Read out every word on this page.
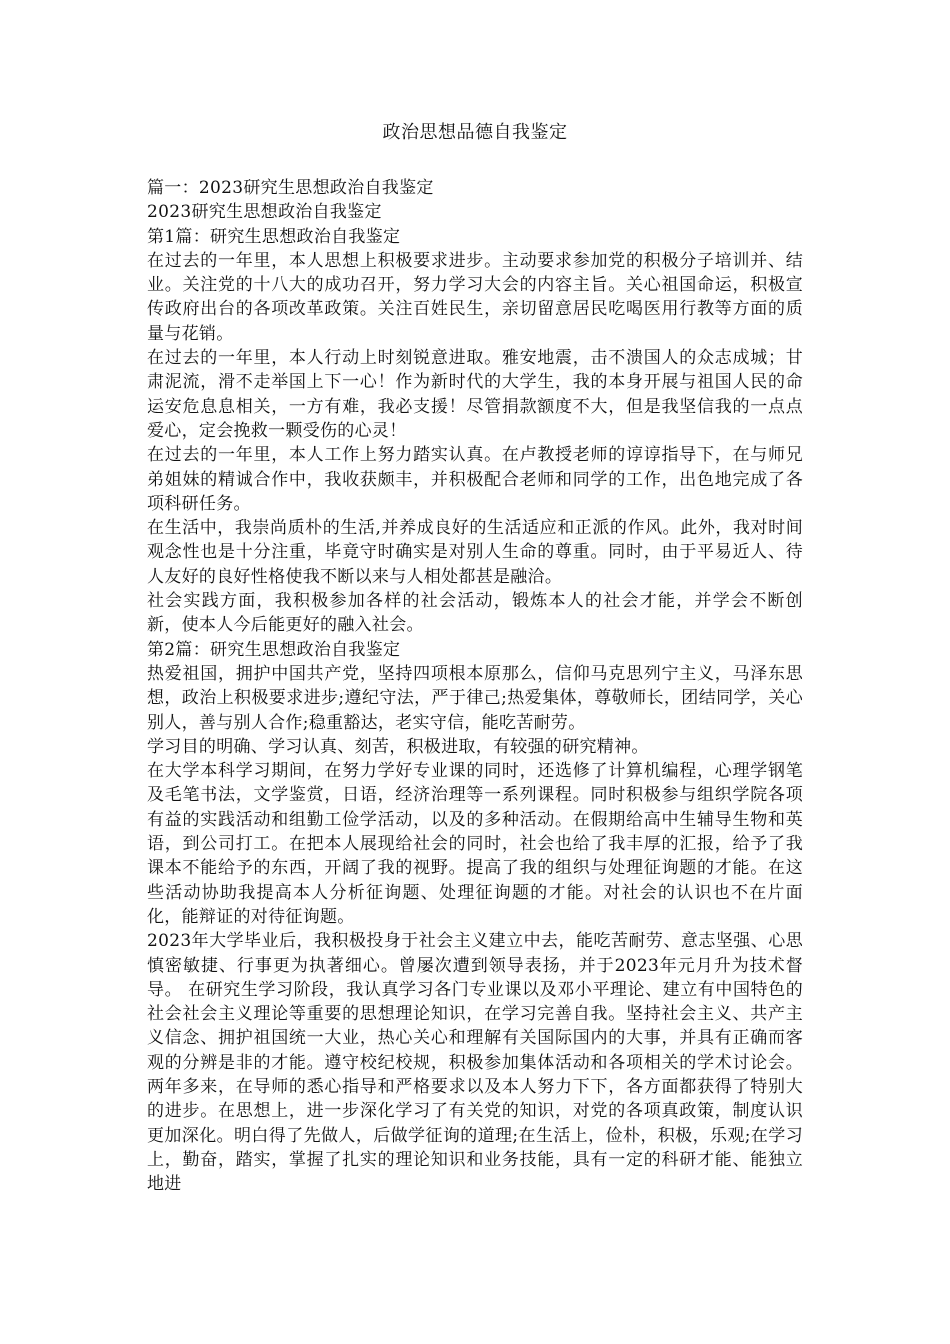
政治思想品德自我鉴定

篇一：2023研究生思想政治自我鉴定

2023研究生思想政治自我鉴定

第1篇：研究生思想政治自我鉴定

在过去的一年里，本人思想上积极要求进步。主动要求参加党的积极分子培训并、结业。关注党的十八大的成功召开，努力学习大会的内容主旨。关心祖国命运，积极宣传政府出台的各项改革政策。关注百姓民生，亲切留意居民吃喝医用行教等方面的质量与花销。

在过去的一年里，本人行动上时刻锐意进取。雅安地震，击不溃国人的众志成城；甘肃泥流，滑不走举国上下一心！作为新时代的大学生，我的本身开展与祖国人民的命运安危息息相关，一方有难，我必支援！尽管捐款额度不大，但是我坚信我的一点点爱心，定会挽救一颗受伤的心灵！

在过去的一年里，本人工作上努力踏实认真。在卢教授老师的谆谆指导下，在与师兄弟姐妹的精诚合作中，我收获颇丰，并积极配合老师和同学的工作，出色地完成了各项科研任务。

在生活中，我崇尚质朴的生活,并养成良好的生活适应和正派的作风。此外，我对时间观念性也是十分注重，毕竟守时确实是对别人生命的尊重。同时，由于平易近人、待人友好的良好性格使我不断以来与人相处都甚是融洽。

社会实践方面，我积极参加各样的社会活动，锻炼本人的社会才能，并学会不断创新，使本人今后能更好的融入社会。

第2篇：研究生思想政治自我鉴定

热爱祖国，拥护中国共产党，坚持四项根本原那么，信仰马克思列宁主义，马泽东思想，政治上积极要求进步;遵纪守法，严于律己;热爱集体，尊敬师长，团结同学，关心别人，善与别人合作;稳重豁达，老实守信，能吃苦耐劳。

学习目的明确、学习认真、刻苦，积极进取，有较强的研究精神。

在大学本科学习期间，在努力学好专业课的同时，还选修了计算机编程，心理学钢笔及毛笔书法，文学鉴赏，日语，经济治理等一系列课程。同时积极参与组织学院各项有益的实践活动和组勤工俭学活动，以及的多种活动。在假期给高中生辅导生物和英语，到公司打工。在把本人展现给社会的同时，社会也给了我丰厚的汇报，给予了我课本不能给予的东西，开阔了我的视野。提高了我的组织与处理征询题的才能。在这些活动协助我提高本人分析征询题、处理征询题的才能。对社会的认识也不在片面化，能辩证的对待征询题。

2023年大学毕业后，我积极投身于社会主义建立中去，能吃苦耐劳、意志坚强、心思慎密敏捷、行事更为执著细心。曾屡次遭到领导表扬，并于2023年元月升为技术督导。 在研究生学习阶段，我认真学习各门专业课以及邓小平理论、建立有中国特色的社会社会主义理论等重要的思想理论知识，在学习完善自我。坚持社会主义、共产主义信念、拥护祖国统一大业，热心关心和理解有关国际国内的大事，并具有正确而客观的分辨是非的才能。遵守校纪校规，积极参加集体活动和各项相关的学术讨论会。 两年多来，在导师的悉心指导和严格要求以及本人努力下下，各方面都获得了特别大的进步。在思想上，进一步深化学习了有关党的知识，对党的各项真政策，制度认识更加深化。明白得了先做人，后做学征询的道理;在生活上，俭朴，积极，乐观;在学习上，勤奋，踏实，掌握了扎实的理论知识和业务技能，具有一定的科研才能、能独立地进
